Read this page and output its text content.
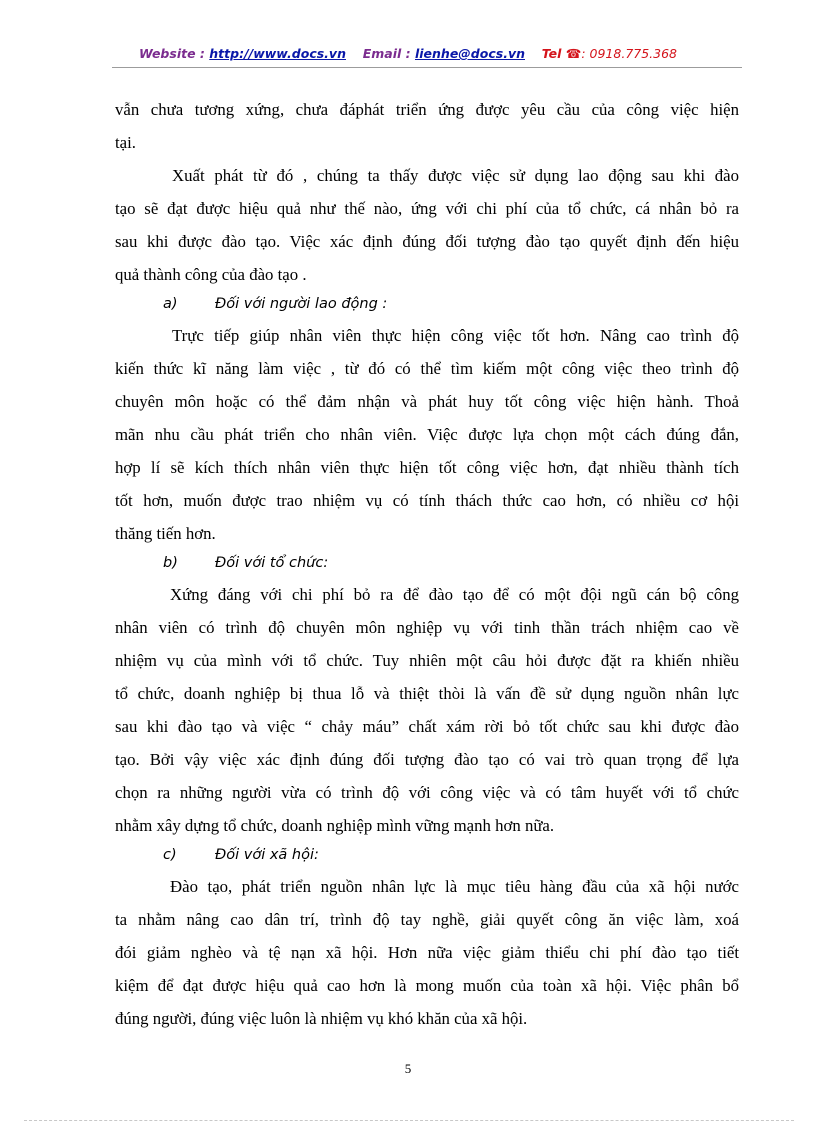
Website : http://www.docs.vn Email : lienhe@docs.vn Tel ☎: 0918.775.368
vẫn chưa tương xứng, chưa đáphát triển ứng được yêu cầu của công việc hiện
tại.
Xuất phát từ đó , chúng ta thấy được việc sử dụng lao động sau khi đào
tạo sẽ đạt được hiệu quả như thế nào, ứng với chi phí của tổ chức, cá nhân bỏ ra
sau khi được đào tạo. Việc xác định đúng đối tượng đào tạo quyết định đến hiệu
quả thành công của đào tạo .
a)	Đối với người lao động :
Trực tiếp giúp nhân viên thực hiện công việc tốt hơn. Nâng cao trình độ
kiến thức kĩ năng làm việc , từ đó có thể tìm kiếm một công việc theo trình độ
chuyên môn hoặc có thể đảm nhận và phát huy tốt công việc hiện hành. Thoả
mãn nhu cầu phát triển cho nhân viên. Việc được lựa chọn một cách đúng đắn,
hợp lí sẽ kích thích nhân viên thực hiện tốt công việc hơn, đạt nhiều thành tích
tốt hơn, muốn được trao nhiệm vụ có tính thách thức cao hơn, có nhiều cơ hội
thăng tiến hơn.
b)	Đối với tổ chức:
Xứng đáng với chi phí bỏ ra để đào tạo để có một đội ngũ cán bộ công
nhân viên có trình độ chuyên môn nghiệp vụ với tinh thần trách nhiệm cao về
nhiệm vụ của mình với tổ chức. Tuy nhiên một câu hỏi được đặt ra khiến nhiều
tổ chức, doanh nghiệp bị thua lỗ và thiệt thòi là vấn đề sử dụng nguồn nhân lực
sau khi đào tạo và việc “ chảy máu” chất xám rời bỏ tốt chức sau khi được đào
tạo. Bởi vậy việc xác định đúng đối tượng đào tạo có vai trò quan trọng để lựa
chọn ra những người vừa có trình độ với công việc và có tâm huyết với tổ chức
nhằm xây dựng tổ chức, doanh nghiệp mình vững mạnh hơn nữa.
c)	Đối với xã hội:
Đào tạo, phát triển nguồn nhân lực là mục tiêu hàng đầu của xã hội nước
ta nhằm nâng cao dân trí, trình độ tay nghề, giải quyết công ăn việc làm, xoá
đói giảm nghèo và tệ nạn xã hội. Hơn nữa việc giảm thiểu chi phí đào tạo tiết
kiệm để đạt được hiệu quả cao hơn là mong muốn của toàn xã hội. Việc phân bổ
đúng người, đúng việc luôn là nhiệm vụ khó khăn của xã hội.
5
